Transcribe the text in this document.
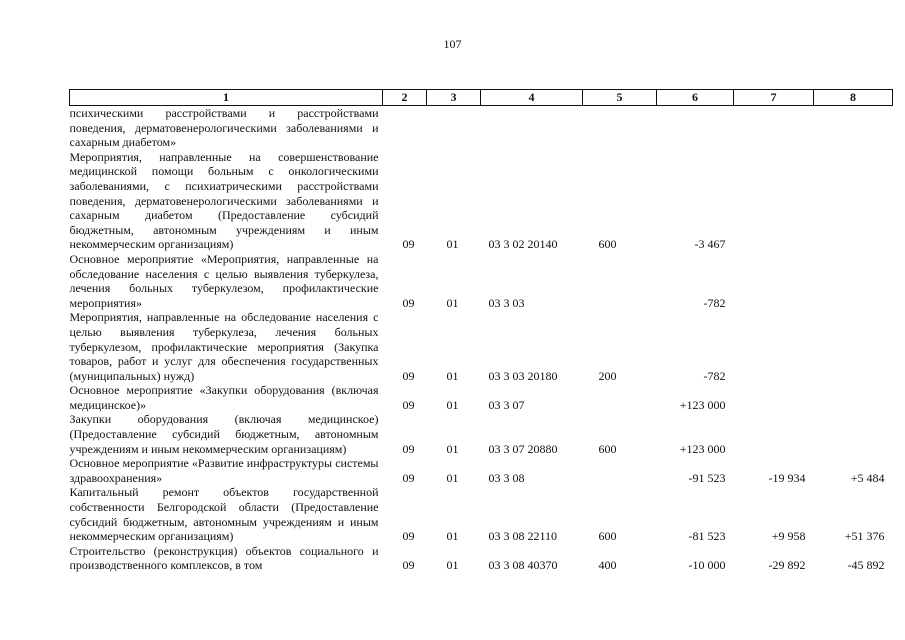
107
1	2	3	4	5	6	7	8
психическими расстройствами и расстройствами поведения, дерматовенерологическими заболеваниями и сахарным диабетом»							
Мероприятия, направленные на совершенствование медицинской помощи больным с онкологическими заболеваниями, с психиатрическими расстройствами поведения, дерматовенерологическими заболеваниями и сахарным диабетом (Предоставление субсидий бюджетным, автономным учреждениям и иным некоммерческим организациям)	09	01	03 3 02 20140	600	-3 467		
Основное мероприятие «Мероприятия, направленные на обследование населения с целью выявления туберкулеза, лечения больных туберкулезом, профилактические мероприятия»	09	01	03 3 03		-782		
Мероприятия, направленные на обследование населения с целью выявления туберкулеза, лечения больных туберкулезом, профилактические мероприятия (Закупка товаров, работ и услуг для обеспечения государственных (муниципальных) нужд)	09	01	03 3 03 20180	200	-782		
Основное мероприятие «Закупки оборудования (включая медицинское)»	09	01	03 3 07		+123 000		
Закупки оборудования (включая медицинское) (Предоставление субсидий бюджетным, автономным учреждениям и иным некоммерческим организациям)	09	01	03 3 07 20880	600	+123 000		
Основное мероприятие «Развитие инфраструктуры системы здравоохранения»	09	01	03 3 08		-91 523	-19 934	+5 484
Капитальный ремонт объектов государственной собственности Белгородской области (Предоставление субсидий бюджетным, автономным учреждениям и иным некоммерческим организациям)	09	01	03 3 08 22110	600	-81 523	+9 958	+51 376
Строительство (реконструкция) объектов социального и производственного комплексов, в том	09	01	03 3 08 40370	400	-10 000	-29 892	-45 892
